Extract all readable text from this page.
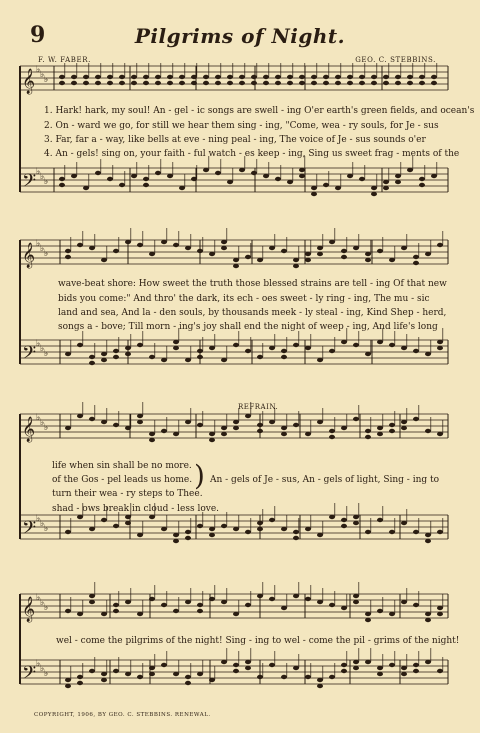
9	Pilgrims of Night.
F. W. FABER.	GEO. C. STEBBINS.
𝄞 ♭ ♭ ♭
𝄢 ♭ ♭ ♭
𝄞 ♭ ♭ ♭
𝄢 ♭ ♭ ♭
𝄞 ♭ ♭ ♭
𝄢 ♭ ♭ ♭
𝄞 ♭ ♭ ♭
𝄢 ♭ ♭ ♭
1. Hark! hark, my soul! An - gel - ic songs are swell - ing O'er earth's green fields, and ocean's
2. On - ward we go, for still we hear them sing - ing, "Come, wea - ry souls, for Je - sus
3. Far, far a - way, like bells at eve - ning peal - ing, The voice of Je - sus sounds o'er
4. An - gels! sing on, your faith - ful watch - es keep - ing, Sing us sweet frag - ments of the
wave-beat shore: How sweet the truth those blessed strains are tell - ing Of that new
bids you come:" And thro' the dark, its ech - oes sweet - ly ring - ing, The mu - sic
land and sea, And la - den souls, by thousands meek - ly steal - ing, Kind Shep - herd,
songs a - bove; Till morn - ing's joy shall end the night of weep - ing, And life's long
REFRAIN.
life when sin shall be no more.
of the Gos - pel leads us home.
turn their wea - ry steps to Thee.
shad - ows break in cloud - less love.
) An - gels of Je - sus, An - gels of light, Sing - ing to
wel - come the pilgrims of the night! Sing - ing to wel - come the pil - grims of the night!
COPYRIGHT, 1906, BY GEO. C. STEBBINS. RENEWAL.
